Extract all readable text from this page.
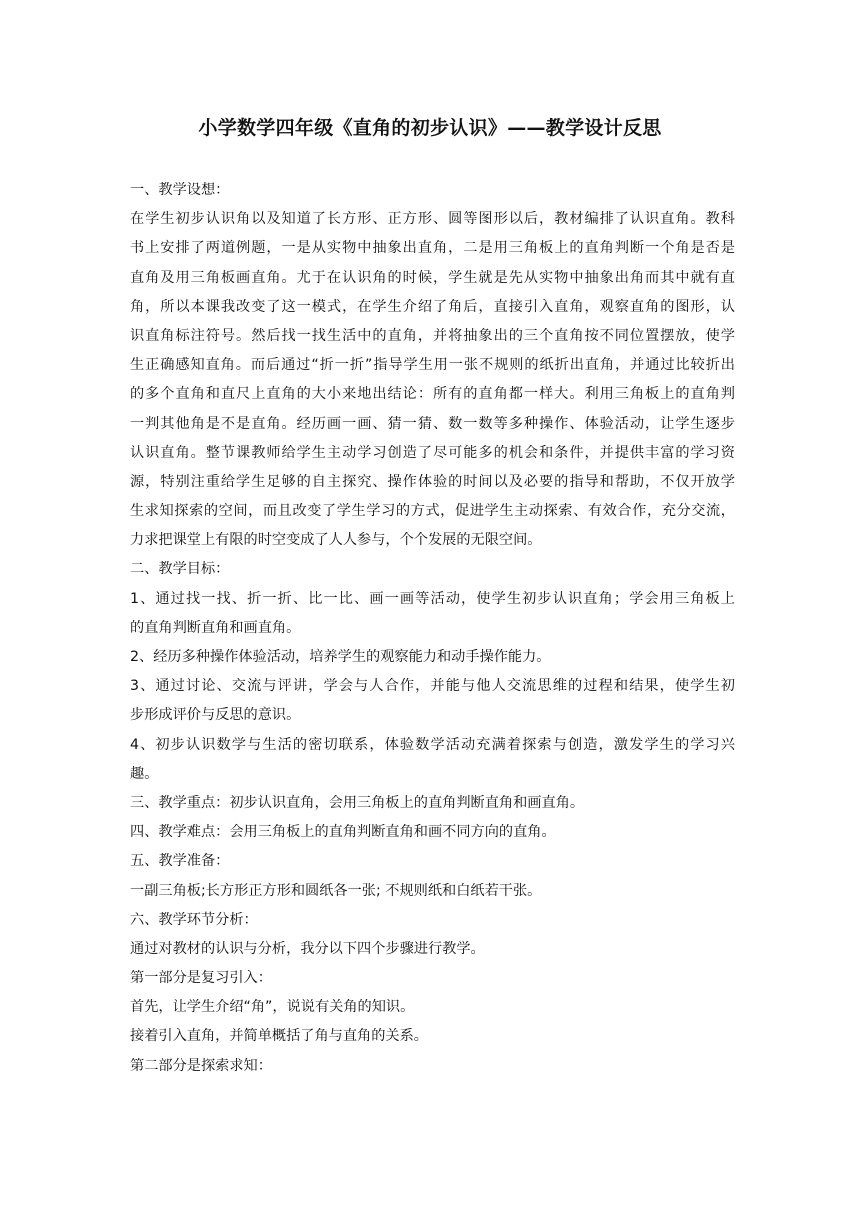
小学数学四年级《直角的初步认识》——教学设计反思
一、教学设想：
在学生初步认识角以及知道了长方形、正方形、圆等图形以后，教材编排了认识直角。教科
书上安排了两道例题，一是从实物中抽象出直角，二是用三角板上的直角判断一个角是否是
直角及用三角板画直角。尤于在认识角的时候，学生就是先从实物中抽象出角而其中就有直
角，所以本课我改变了这一模式，在学生介绍了角后，直接引入直角，观察直角的图形，认
识直角标注符号。然后找一找生活中的直角，并将抽象出的三个直角按不同位置摆放，使学
生正确感知直角。而后通过“折一折”指导学生用一张不规则的纸折出直角，并通过比较折出
的多个直角和直尺上直角的大小来地出结论：所有的直角都一样大。利用三角板上的直角判
一判其他角是不是直角。经历画一画、猜一猜、数一数等多种操作、体验活动，让学生逐步
认识直角。整节课教师给学生主动学习创造了尽可能多的机会和条件，并提供丰富的学习资
源，特别注重给学生足够的自主探究、操作体验的时间以及必要的指导和帮助，不仅开放学
生求知探索的空间，而且改变了学生学习的方式，促进学生主动探索、有效合作，充分交流，
力求把课堂上有限的时空变成了人人参与，个个发展的无限空间。
二、教学目标：
1、通过找一找、折一折、比一比、画一画等活动，使学生初步认识直角；学会用三角板上
的直角判断直角和画直角。
2、经历多种操作体验活动，培养学生的观察能力和动手操作能力。
3、通过讨论、交流与评讲，学会与人合作，并能与他人交流思维的过程和结果，使学生初
步形成评价与反思的意识。
4、初步认识数学与生活的密切联系，体验数学活动充满着探索与创造，激发学生的学习兴
趣。
三、教学重点：初步认识直角，会用三角板上的直角判断直角和画直角。
四、教学难点：会用三角板上的直角判断直角和画不同方向的直角。
五、教学准备：
一副三角板;长方形正方形和圆纸各一张; 不规则纸和白纸若干张。
六、教学环节分析：
通过对教材的认识与分析，我分以下四个步骤进行教学。
第一部分是复习引入：
首先，让学生介绍“角”，说说有关角的知识。
接着引入直角，并简单概括了角与直角的关系。
第二部分是探索求知：
